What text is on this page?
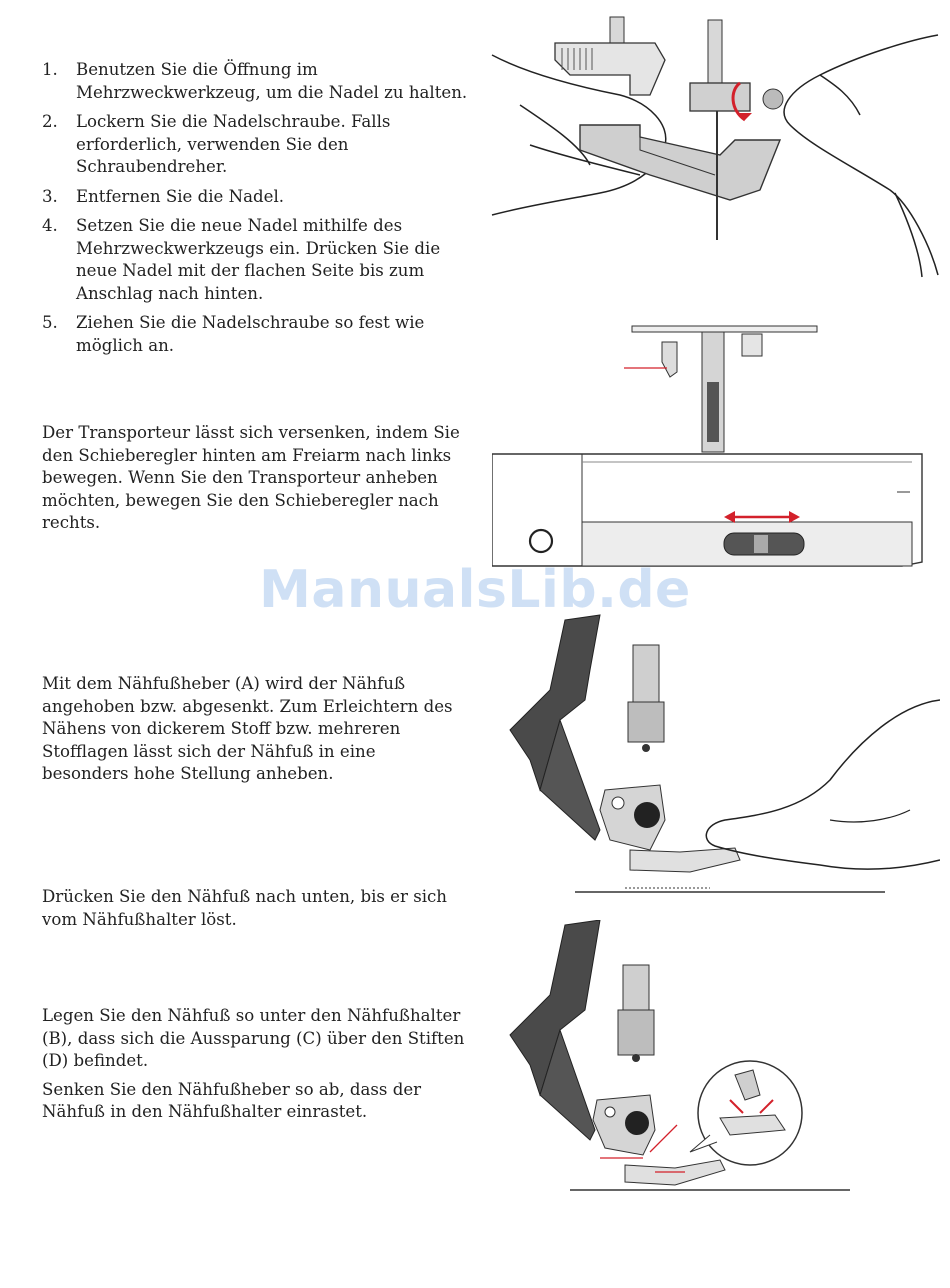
1. Benutzen Sie die Öffnung im Mehrzweckwerkzeug, um die Nadel zu halten.
2. Lockern Sie die Nadelschraube. Falls erforderlich, verwenden Sie den Schraubendreher.
3. Entfernen Sie die Nadel.
4. Setzen Sie die neue Nadel mithilfe des Mehrzweckwerkzeugs ein. Drücken Sie die neue Nadel mit der flachen Seite bis zum Anschlag nach hinten.
5. Ziehen Sie die Nadelschraube so fest wie möglich an.

Der Transporteur lässt sich versenken, indem Sie den Schieberegler hinten am Freiarm nach links bewegen. Wenn Sie den Transporteur anheben möchten, bewegen Sie den Schieberegler nach rechts.

Mit dem Nähfußheber (A) wird der Nähfuß angehoben bzw. abgesenkt. Zum Erleichtern des Nähens von dickerem Stoff bzw. mehreren Stofflagen lässt sich der Nähfuß in eine besonders hohe Stellung anheben.

Drücken Sie den Nähfuß nach unten, bis er sich vom Nähfußhalter löst.

Legen Sie den Nähfuß so unter den Nähfußhalter (B), dass sich die Aussparung (C) über den Stiften (D) befindet.

Senken Sie den Nähfußheber so ab, dass der Nähfuß in den Nähfußhalter einrastet.

ManualsLib.de
